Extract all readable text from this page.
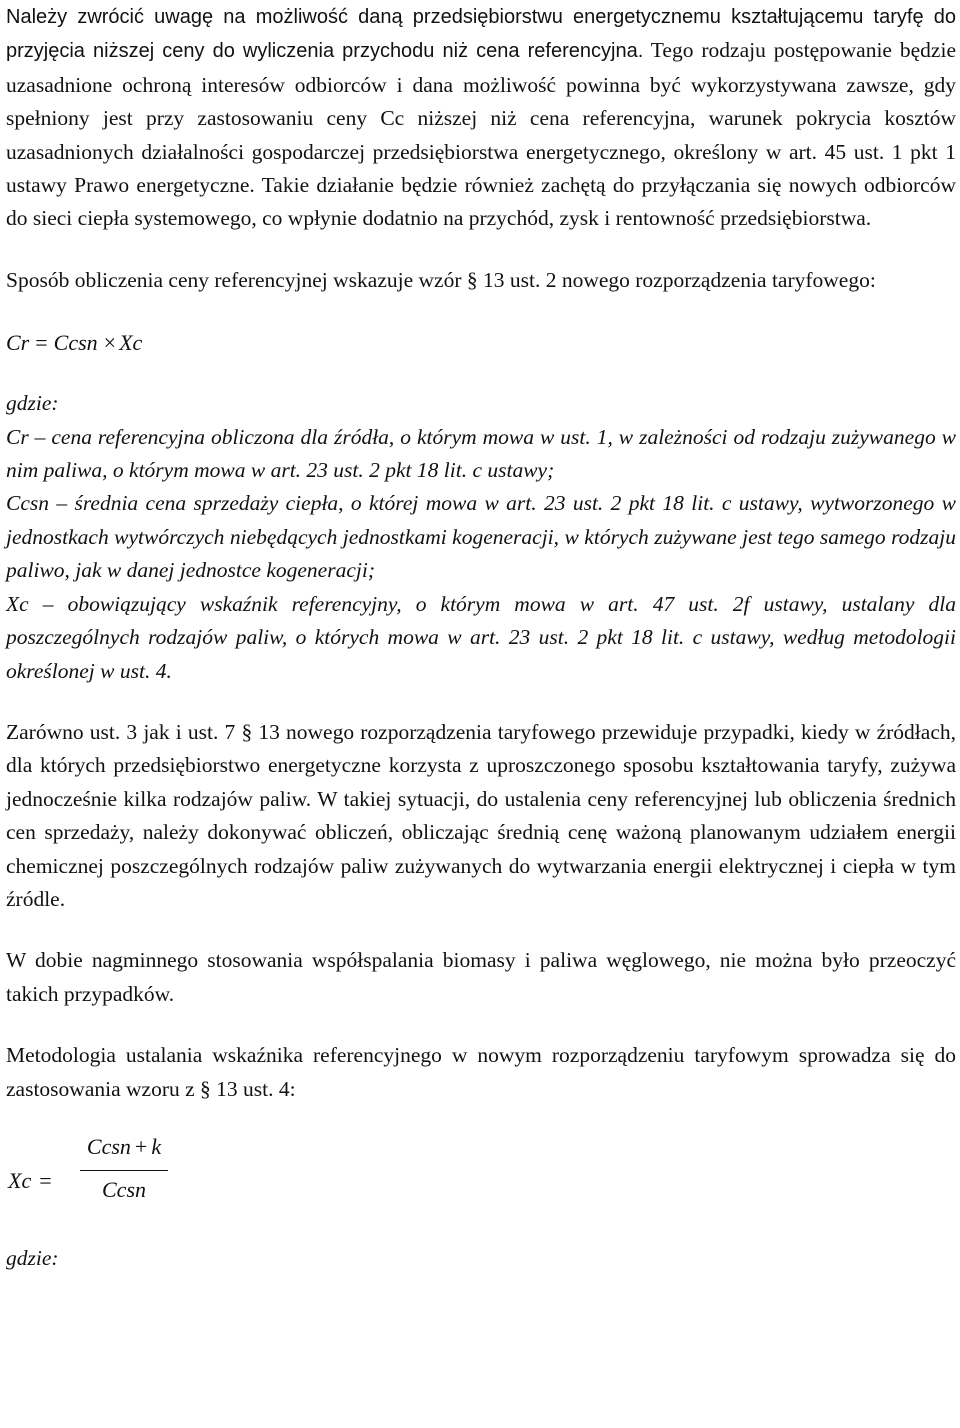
Należy zwrócić uwagę na możliwość daną przedsiębiorstwu energetycznemu kształtującemu taryfę do przyjęcia niższej ceny do wyliczenia przychodu niż cena referencyjna. Tego rodzaju postępowanie będzie uzasadnione ochroną interesów odbiorców i dana możliwość powinna być wykorzystywana zawsze, gdy spełniony jest przy zastosowaniu ceny Cc niższej niż cena referencyjna, warunek pokrycia kosztów uzasadnionych działalności gospodarczej przedsiębiorstwa energetycznego, określony w art. 45 ust. 1 pkt 1 ustawy Prawo energetyczne. Takie działanie będzie również zachętą do przyłączania się nowych odbiorców do sieci ciepła systemowego, co wpłynie dodatnio na przychód, zysk i rentowność przedsiębiorstwa.

Sposób obliczenia ceny referencyjnej wskazuje wzór § 13 ust. 2 nowego rozporządzenia taryfowego:

Cr = Ccsn × Xc

gdzie:

Cr – cena referencyjna obliczona dla źródła, o którym mowa w ust. 1, w zależności od rodzaju zużywanego w nim paliwa, o którym mowa w art. 23 ust. 2 pkt 18 lit. c ustawy;

Ccsn – średnia cena sprzedaży ciepła, o której mowa w art. 23 ust. 2 pkt 18 lit. c ustawy, wytworzonego w jednostkach wytwórczych niebędących jednostkami kogeneracji, w których zużywane jest tego samego rodzaju paliwo, jak w danej jednostce kogeneracji;

Xc – obowiązujący wskaźnik referencyjny, o którym mowa w art. 47 ust. 2f ustawy, ustalany dla poszczególnych rodzajów paliw, o których mowa w art. 23 ust. 2 pkt 18 lit. c ustawy, według metodologii określonej w ust. 4.

Zarówno ust. 3 jak i ust. 7 § 13 nowego rozporządzenia taryfowego przewiduje przypadki, kiedy w źródłach, dla których przedsiębiorstwo energetyczne korzysta z uproszczonego sposobu kształtowania taryfy, zużywa jednocześnie kilka rodzajów paliw. W takiej sytuacji, do ustalenia ceny referencyjnej lub obliczenia średnich cen sprzedaży, należy dokonywać obliczeń, obliczając średnią cenę ważoną planowanym udziałem energii chemicznej poszczególnych rodzajów paliw zużywanych do wytwarzania energii elektrycznej i ciepła w tym źródle.

W dobie nagminnego stosowania współspalania biomasy i paliwa węglowego, nie można było przeoczyć takich przypadków.

Metodologia ustalania wskaźnika referencyjnego w nowym rozporządzeniu taryfowym sprowadza się do zastosowania wzoru z § 13 ust. 4:

Xc =
Ccsn + k
Ccsn

gdzie:
